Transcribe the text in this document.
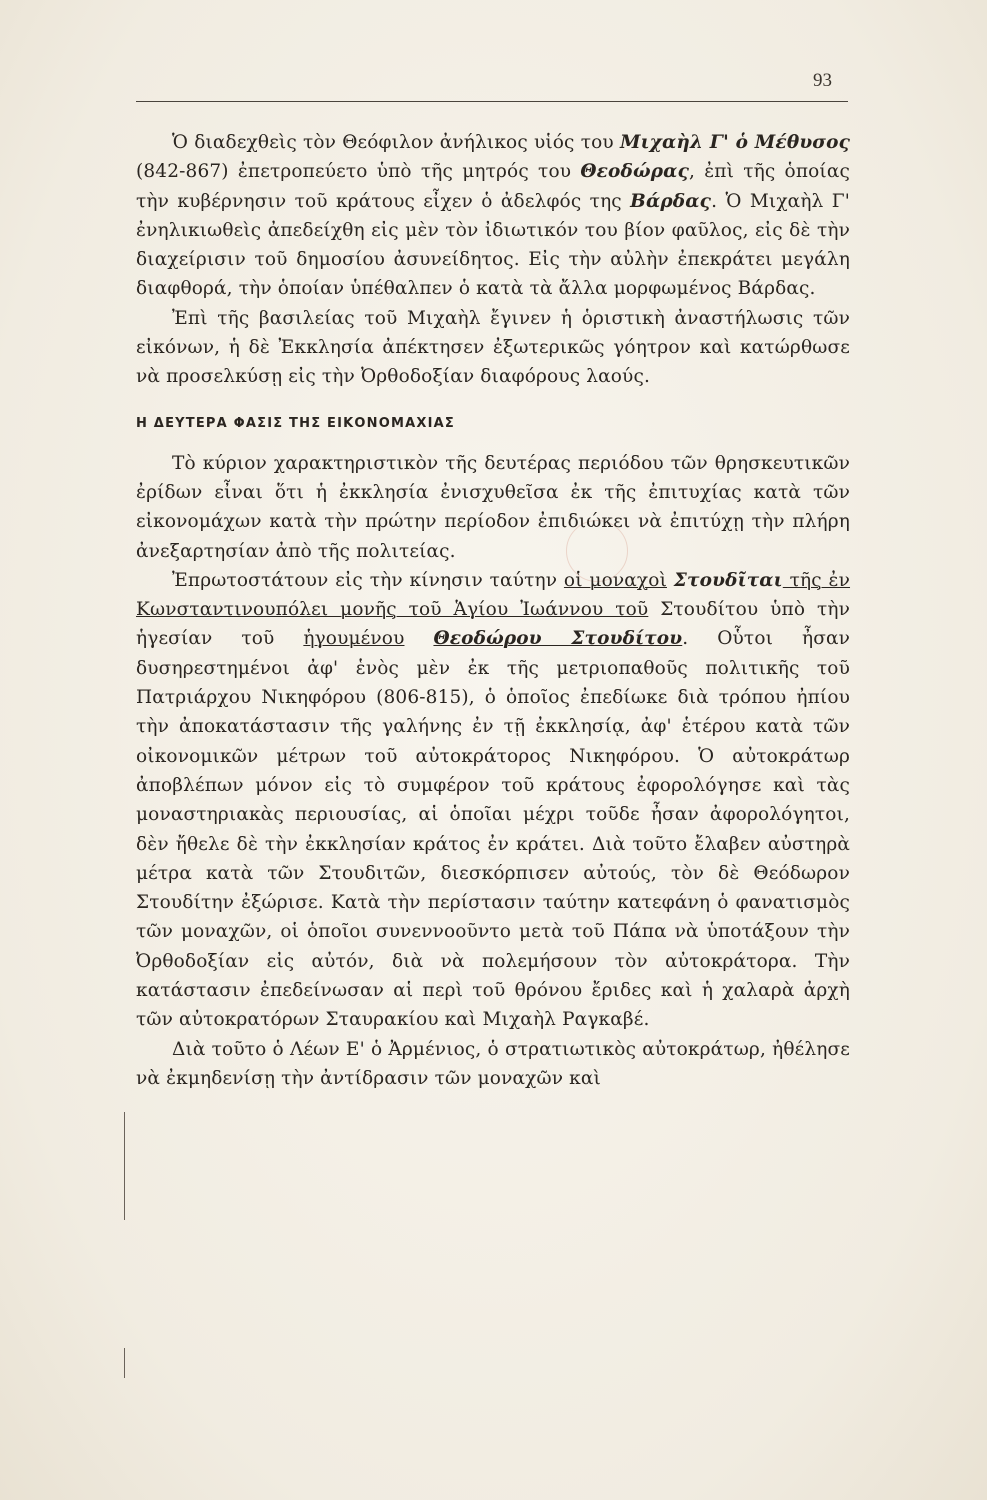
93

Ὁ διαδεχθεὶς τὸν Θεόφιλον ἀνήλικος υἱός του Μιχαὴλ Γ' ὁ Μέθυσος (842-867) ἐπετροπεύετο ὑπὸ τῆς μητρός του Θεοδώρας, ἐπὶ τῆς ὁποίας τὴν κυβέρνησιν τοῦ κράτους εἶχεν ὁ ἀδελφός της Βάρδας. Ὁ Μιχαὴλ Γ' ἐνηλικιωθεὶς ἀπεδείχθη εἰς μὲν τὸν ἰδιωτικόν του βίον φαῦλος, εἰς δὲ τὴν διαχείρισιν τοῦ δημοσίου ἀσυνείδητος. Εἰς τὴν αὐλὴν ἐπεκράτει μεγάλη διαφθορά, τὴν ὁποίαν ὑπέθαλπεν ὁ κατὰ τὰ ἄλλα μορφωμένος Βάρδας.

Ἐπὶ τῆς βασιλείας τοῦ Μιχαὴλ ἔγινεν ἡ ὁριστικὴ ἀναστήλωσις τῶν εἰκόνων, ἡ δὲ Ἐκκλησία ἀπέκτησεν ἐξωτερικῶς γόητρον καὶ κατώρθωσε νὰ προσελκύσῃ εἰς τὴν Ὀρθοδοξίαν διαφόρους λαούς.

Η ΔΕΥΤΕΡΑ ΦΑΣΙΣ ΤΗΣ ΕΙΚΟΝΟΜΑΧΙΑΣ

Τὸ κύριον χαρακτηριστικὸν τῆς δευτέρας περιόδου τῶν θρησκευτικῶν ἐρίδων εἶναι ὅτι ἡ ἐκκλησία ἐνισχυθεῖσα ἐκ τῆς ἐπιτυχίας κατὰ τῶν εἰκονομάχων κατὰ τὴν πρώτην περίοδον ἐπιδιώκει νὰ ἐπιτύχῃ τὴν πλήρη ἀνεξαρτησίαν ἀπὸ τῆς πολιτείας.

Ἐπρωτοστάτουν εἰς τὴν κίνησιν ταύτην οἱ μοναχοὶ Στουδῖται τῆς ἐν Κωνσταντινουπόλει μονῆς τοῦ Ἁγίου Ἰωάννου τοῦ Στουδίτου ὑπὸ τὴν ἡγεσίαν τοῦ ἡγουμένου Θεοδώρου Στουδίτου. Οὗτοι ἦσαν δυσηρεστημένοι ἀφ' ἑνὸς μὲν ἐκ τῆς μετριοπαθοῦς πολιτικῆς τοῦ Πατριάρχου Νικηφόρου (806-815), ὁ ὁποῖος ἐπεδίωκε διὰ τρόπου ἠπίου τὴν ἀποκατάστασιν τῆς γαλήνης ἐν τῇ ἐκκλησίᾳ, ἀφ' ἑτέρου κατὰ τῶν οἰκονομικῶν μέτρων τοῦ αὐτοκράτορος Νικηφόρου. Ὁ αὐτοκράτωρ ἀποβλέπων μόνον εἰς τὸ συμφέρον τοῦ κράτους ἐφορολόγησε καὶ τὰς μοναστηριακὰς περιουσίας, αἱ ὁποῖαι μέχρι τοῦδε ἦσαν ἀφορολόγητοι, δὲν ἤθελε δὲ τὴν ἐκκλησίαν κράτος ἐν κράτει. Διὰ τοῦτο ἔλαβεν αὐστηρὰ μέτρα κατὰ τῶν Στουδιτῶν, διεσκόρπισεν αὐτούς, τὸν δὲ Θεόδωρον Στουδίτην ἐξώρισε. Κατὰ τὴν περίστασιν ταύτην κατεφάνη ὁ φανατισμὸς τῶν μοναχῶν, οἱ ὁποῖοι συνεννοοῦντο μετὰ τοῦ Πάπα νὰ ὑποτάξουν τὴν Ὀρθοδοξίαν εἰς αὐτόν, διὰ νὰ πολεμήσουν τὸν αὐτοκράτορα. Τὴν κατάστασιν ἐπεδείνωσαν αἱ περὶ τοῦ θρόνου ἔριδες καὶ ἡ χαλαρὰ ἀρχὴ τῶν αὐτοκρατόρων Σταυρακίου καὶ Μιχαὴλ Ραγκαβέ.

Διὰ τοῦτο ὁ Λέων Ε' ὁ Ἀρμένιος, ὁ στρατιωτικὸς αὐτοκράτωρ, ἠθέλησε νὰ ἐκμηδενίσῃ τὴν ἀντίδρασιν τῶν μοναχῶν καὶ
